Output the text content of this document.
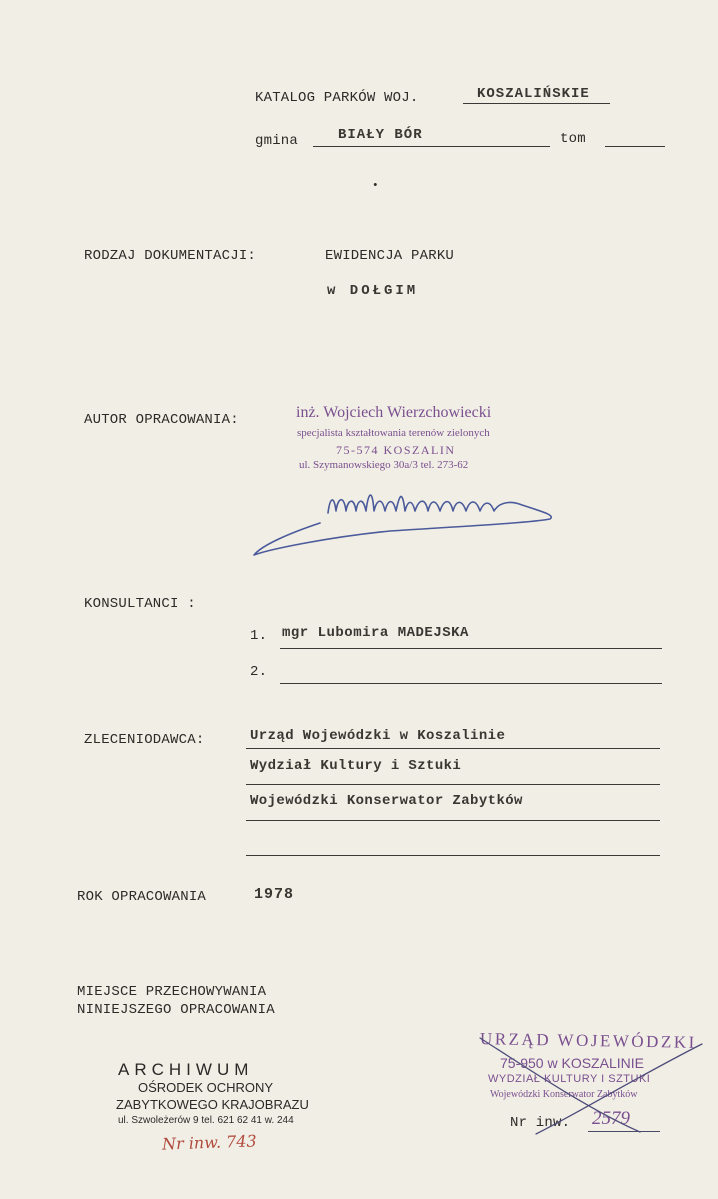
KATALOG PARKÓW WOJ.	KOSZALIŃSKIE
gmina	BIAŁY BÓR	tom
RODZAJ DOKUMENTACJI:	EWIDENCJA PARKU
w DOŁGIM
AUTOR OPRACOWANIA:	inż. Wojciech Wierzchowiecki
specjalista kształtowania terenów zielonych
75-574 KOSZALIN
ul. Szymanowskiego 30a/3 tel. 273-62
KONSULTANCI :
1. mgr Lubomira MADEJSKA
2.
ZLECENIODAWCA:	Urząd Wojewódzki w Koszalinie
Wydział Kultury i Sztuki
Wojewódzki Konserwator Zabytków
ROK OPRACOWANIA	1978
MIEJSCE PRZECHOWYWANIA
NINIEJSZEGO OPRACOWANIA
ARCHIWUM
OŚRODEK OCHRONY
ZABYTKOWEGO KRAJOBRAZU
ul. Szwoleżerów 9 tel. 621 62 41 w. 244
Nr inw. 743
URZĄD WOJEWÓDZKI
75-950 w KOSZALINIE
WYDZIAŁ KULTURY I SZTUKI
Wojewódzki Konserwator Zabytków
Nr inw. 2579
•
